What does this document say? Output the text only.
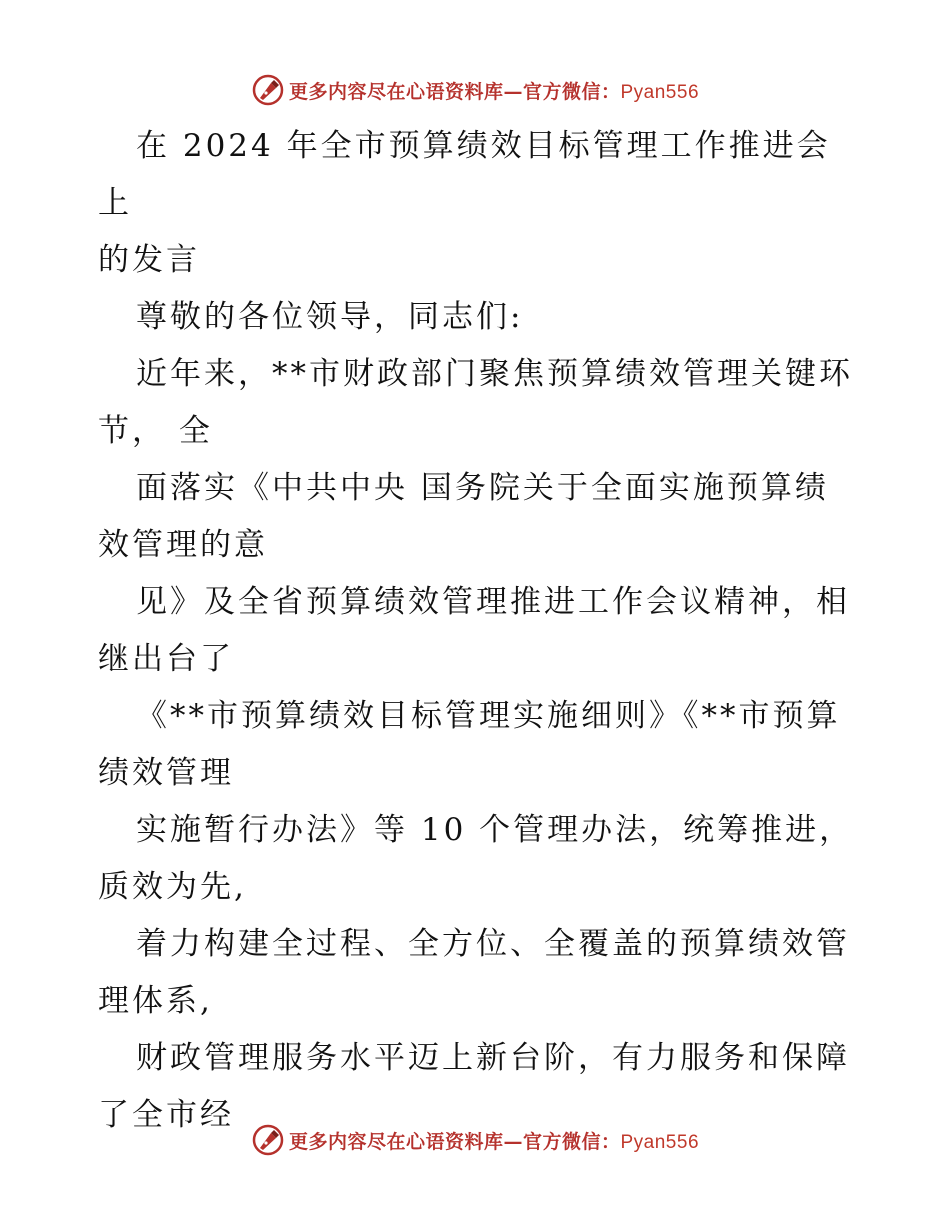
更多内容尽在心语资料库—官方微信：Pyan556

在 2024 年全市预算绩效目标管理工作推进会上

的发言

尊敬的各位领导，同志们:

近年来，**市财政部门聚焦预算绩效管理关键环

节， 全

面落实《中共中央 国务院关于全面实施预算绩

效管理的意

见》及全省预算绩效管理推进工作会议精神，相

继出台了

《**市预算绩效目标管理实施细则》《**市预算

绩效管理

实施暂行办法》等 10 个管理办法，统筹推进，

质效为先,

着力构建全过程、全方位、全覆盖的预算绩效管

理体系,

财政管理服务水平迈上新台阶，有力服务和保障

了全市经

更多内容尽在心语资料库—官方微信：Pyan556
